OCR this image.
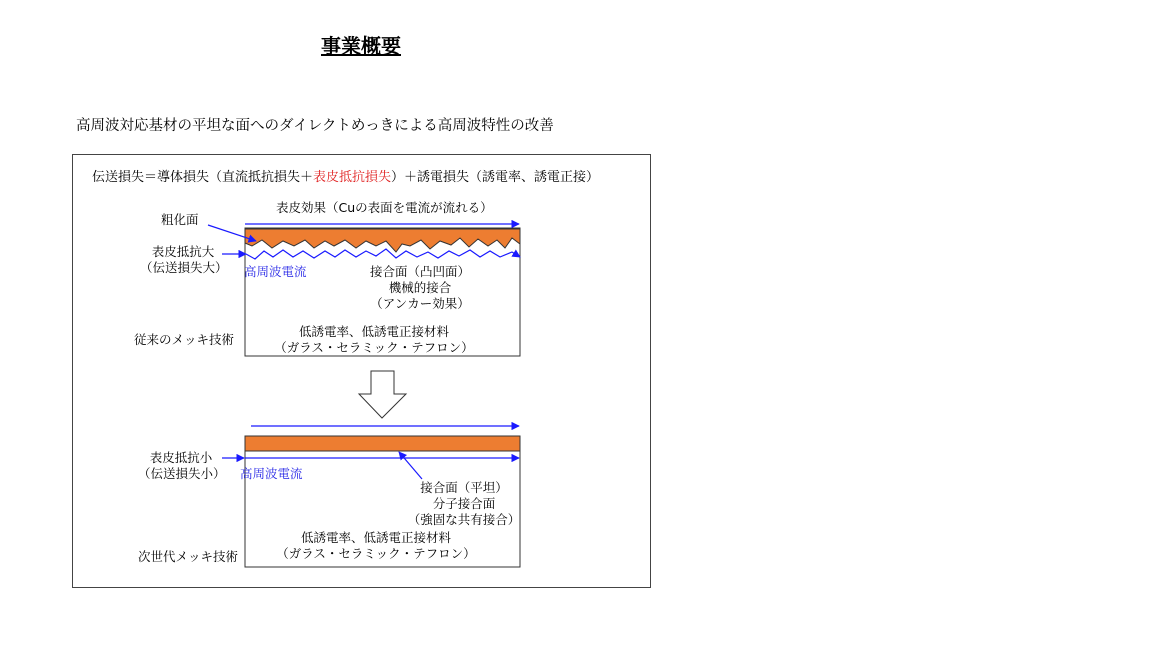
事業概要
高周波対応基材の平坦な面へのダイレクトめっきによる高周波特性の改善
伝送損失＝導体損失（直流抵抗損失＋表皮抵抗損失）＋誘電損失（誘電率、誘電正接）
表皮効果（Cuの表面を電流が流れる）
粗化面
表皮抵抗大
（伝送損失大） 高周波電流	接合面（凸凹面）
機械的接合
（アンカー効果）
低誘電率、低誘電正接材料
（ガラス・セラミック・テフロン）
従来のメッキ技術
表皮抵抗小
（伝送損失小） 高周波電流
接合面（平坦）
分子接合面
（強固な共有接合）
低誘電率、低誘電正接材料
（ガラス・セラミック・テフロン）
次世代メッキ技術
